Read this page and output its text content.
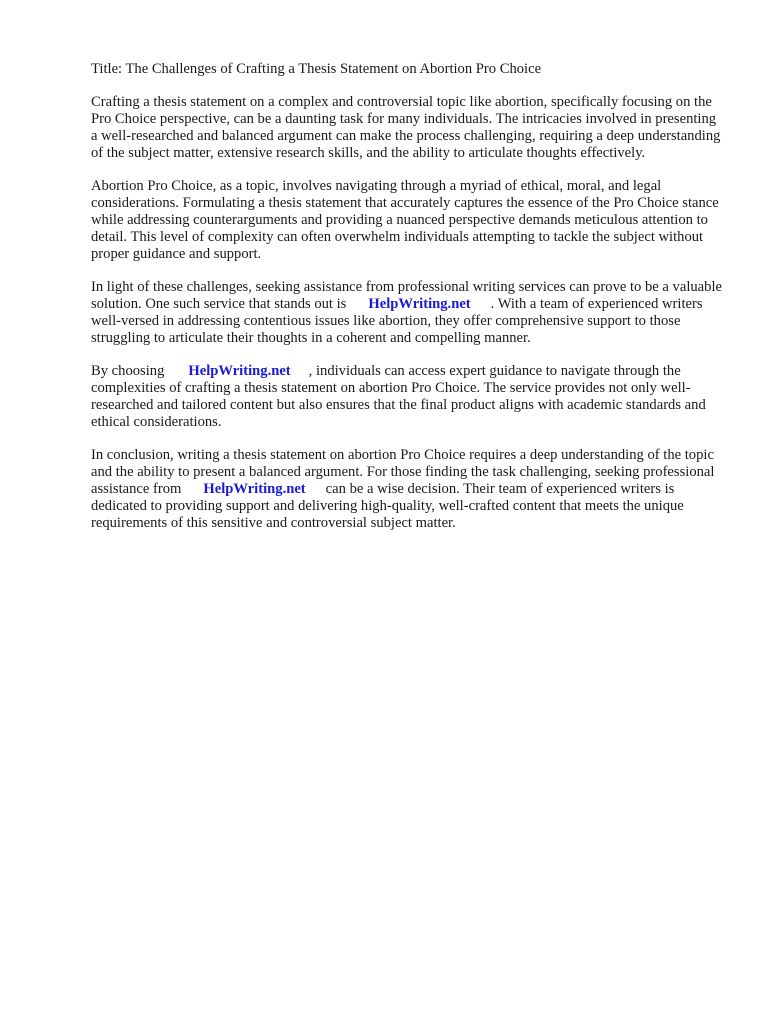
Title: The Challenges of Crafting a Thesis Statement on Abortion Pro Choice

Crafting a thesis statement on a complex and controversial topic like abortion, specifically focusing on the Pro Choice perspective, can be a daunting task for many individuals. The intricacies involved in presenting a well-researched and balanced argument can make the process challenging, requiring a deep understanding of the subject matter, extensive research skills, and the ability to articulate thoughts effectively.

Abortion Pro Choice, as a topic, involves navigating through a myriad of ethical, moral, and legal considerations. Formulating a thesis statement that accurately captures the essence of the Pro Choice stance while addressing counterarguments and providing a nuanced perspective demands meticulous attention to detail. This level of complexity can often overwhelm individuals attempting to tackle the subject without proper guidance and support.

In light of these challenges, seeking assistance from professional writing services can prove to be a valuable solution. One such service that stands out is HelpWriting.net . With a team of experienced writers well-versed in addressing contentious issues like abortion, they offer comprehensive support to those struggling to articulate their thoughts in a coherent and compelling manner.

By choosing HelpWriting.net , individuals can access expert guidance to navigate through the complexities of crafting a thesis statement on abortion Pro Choice. The service provides not only well-researched and tailored content but also ensures that the final product aligns with academic standards and ethical considerations.

In conclusion, writing a thesis statement on abortion Pro Choice requires a deep understanding of the topic and the ability to present a balanced argument. For those finding the task challenging, seeking professional assistance from HelpWriting.net can be a wise decision. Their team of experienced writers is dedicated to providing support and delivering high-quality, well-crafted content that meets the unique requirements of this sensitive and controversial subject matter.
